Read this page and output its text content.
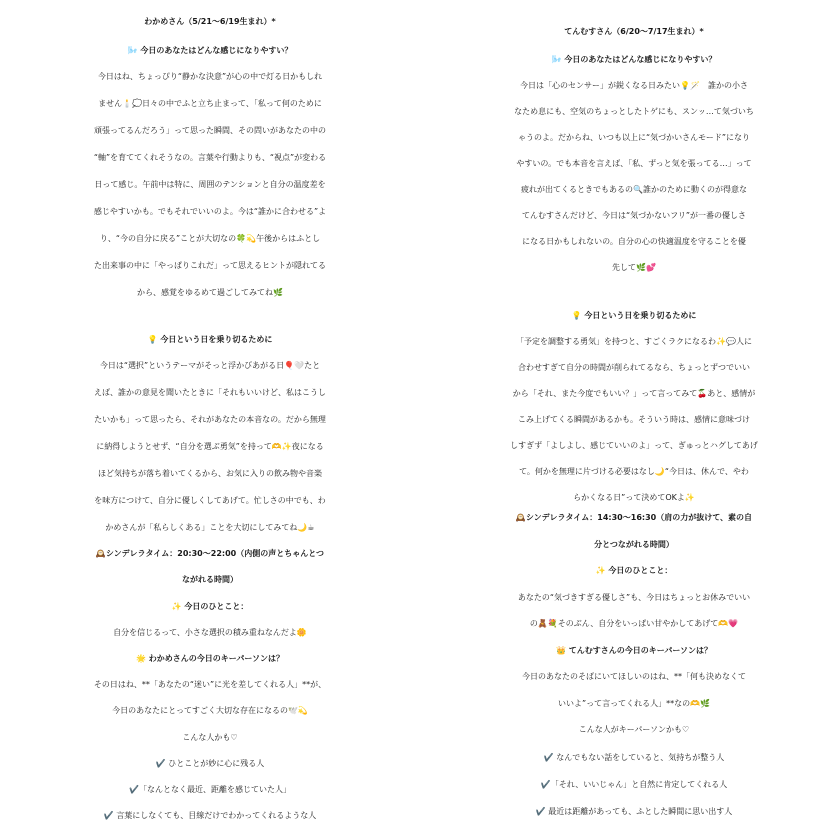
わかめさん（5/21〜6/19生まれ）*
🌬️ 今日のあなたはどんな感じになりやすい？
今日はね、ちょっぴり“静かな決意”が心の中で灯る日かもしれ
ません🕯️💭日々の中でふと立ち止まって、「私って何のために
頑張ってるんだろう」って思った瞬間、その問いがあなたの中の
“軸”を育ててくれそうなの。言葉や行動よりも、“視点”が変わる
日って感じ。午前中は特に、周囲のテンションと自分の温度差を
感じやすいかも。でもそれでいいのよ。今は“誰かに合わせる”よ
り、“今の自分に戻る”ことが大切なの🍀💫午後からはふとし
た出来事の中に「やっぱりこれだ」って思えるヒントが隠れてる
から、感覚をゆるめて過ごしてみてね🌿
💡 今日という日を乗り切るために
今日は“選択”というテーマがそっと浮かびあがる日🎈🤍たと
えば、誰かの意見を聞いたときに「それもいいけど、私はこうし
たいかも」って思ったら、それがあなたの本音なの。だから無理
に納得しようとせず、“自分を選ぶ勇気”を持って🫶✨夜になる
ほど気持ちが落ち着いてくるから、お気に入りの飲み物や音楽
を味方につけて、自分に優しくしてあげて。忙しさの中でも、わ
かめさんが「私らしくある」ことを大切にしてみてね🌙☕
🕰️シンデレラタイム：20:30〜22:00（内側の声とちゃんとつ
ながれる時間）
✨ 今日のひとこと：
自分を信じるって、小さな選択の積み重ねなんだよ🌼
🌟 わかめさんの今日のキーパーソンは？
その日はね、**「あなたの“迷い”に光を差してくれる人」**が、
今日のあなたにとってすごく大切な存在になるの🕊️💫
こんな人かも♡
✔️ ひとことが妙に心に残る人
✔️「なんとなく最近、距離を感じていた人」
✔️ 言葉にしなくても、目線だけでわかってくれるような人
てんむすさん（6/20〜7/17生まれ）*
🌬️ 今日のあなたはどんな感じになりやすい？
今日は「心のセンサー」が鋭くなる日みたい💡🪄　誰かの小さ
なため息にも、空気のちょっとしたトゲにも、スンッ…て気づいち
ゃうのよ。だからね、いつも以上に“気づかいさんモード”になり
やすいの。でも本音を言えば、「私、ずっと気を張ってる…」って
疲れが出てくるときでもあるの🔍誰かのために動くのが得意な
てんむすさんだけど、今日は“気づかないフリ”が一番の優しさ
になる日かもしれないの。自分の心の快適温度を守ることを優
先して🌿💕
💡 今日という日を乗り切るために
「予定を調整する勇気」を持つと、すごくラクになるわ✨💬人に
合わせすぎて自分の時間が削られてるなら、ちょっとずつでいい
から「それ、また今度でもいい？」って言ってみて🍒あと、感情が
こみ上げてくる瞬間があるかも。そういう時は、感情に意味づけ
しすぎず「よしよし、感じていいのよ」って、ぎゅっとハグしてあげ
て。何かを無理に片づける必要はなし🌙“今日は、休んで、やわ
らかくなる日”って決めてOKよ✨
🕰️シンデレラタイム：14:30〜16:30（肩の力が抜けて、素の自
分とつながれる時間）
✨ 今日のひとこと：
あなたの“気づきすぎる優しさ”も、今日はちょっとお休みでいい
の🧸💐そのぶん、自分をいっぱい甘やかしてあげて🫶💗
👑 てんむすさんの今日のキーパーソンは？
今日のあなたのそばにいてほしいのはね、**「何も決めなくて
いいよ”って言ってくれる人」**なの🫶🌿
こんな人がキーパーソンかも♡
✔️ なんでもない話をしていると、気持ちが整う人
✔️「それ、いいじゃん」と自然に肯定してくれる人
✔️ 最近は距離があっても、ふとした瞬間に思い出す人
